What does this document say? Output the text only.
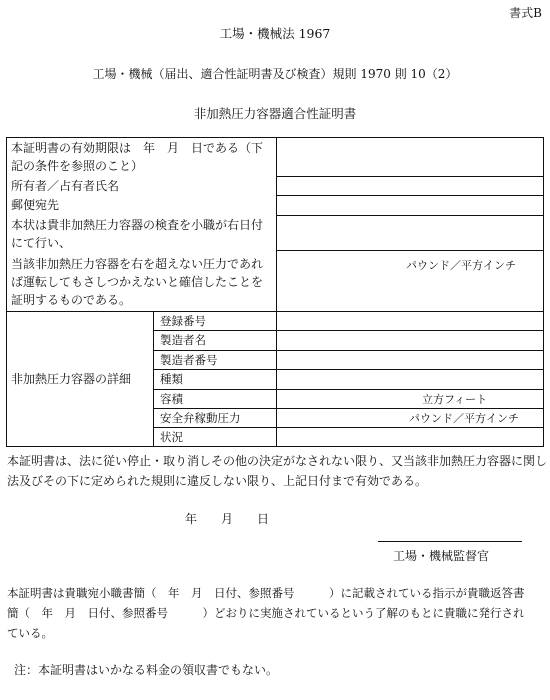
書式B
工場・機械法 1967
工場・機械（届出、適合性証明書及び検査）規則 1970 則 10（2）
非加熱圧力容器適合性証明書
本証明書の有効期限は　年　月　日である（下
記の条件を参照のこと）
所有者／占有者氏名
郵便宛先
本状は貴非加熱圧力容器の検査を小職が右日付
にて行い、
当該非加熱圧力容器を右を超えない圧力であれ
ば運転してもさしつかえないと確信したことを
証明するものである。
パウンド／平方インチ
非加熱圧力容器の詳細
登録番号
製造者名
製造者番号
種類
容積
安全弁稼動圧力
状況
立方フィート
パウンド／平方インチ
本証明書は、法に従い停止・取り消しその他の決定がなされない限り、又当該非加熱圧力容器に関し
法及びその下に定められた規則に違反しない限り、上記日付まで有効である。
年　　月　　日
工場・機械監督官
本証明書は貴職宛小職書簡（　年　月　日付、参照番号　　　）に記載されている指示が貴職返答書
簡（　年　月　日付、参照番号　　　）どおりに実施されているという了解のもとに貴職に発行され
ている。
注：本証明書はいかなる料金の領収書でもない。
